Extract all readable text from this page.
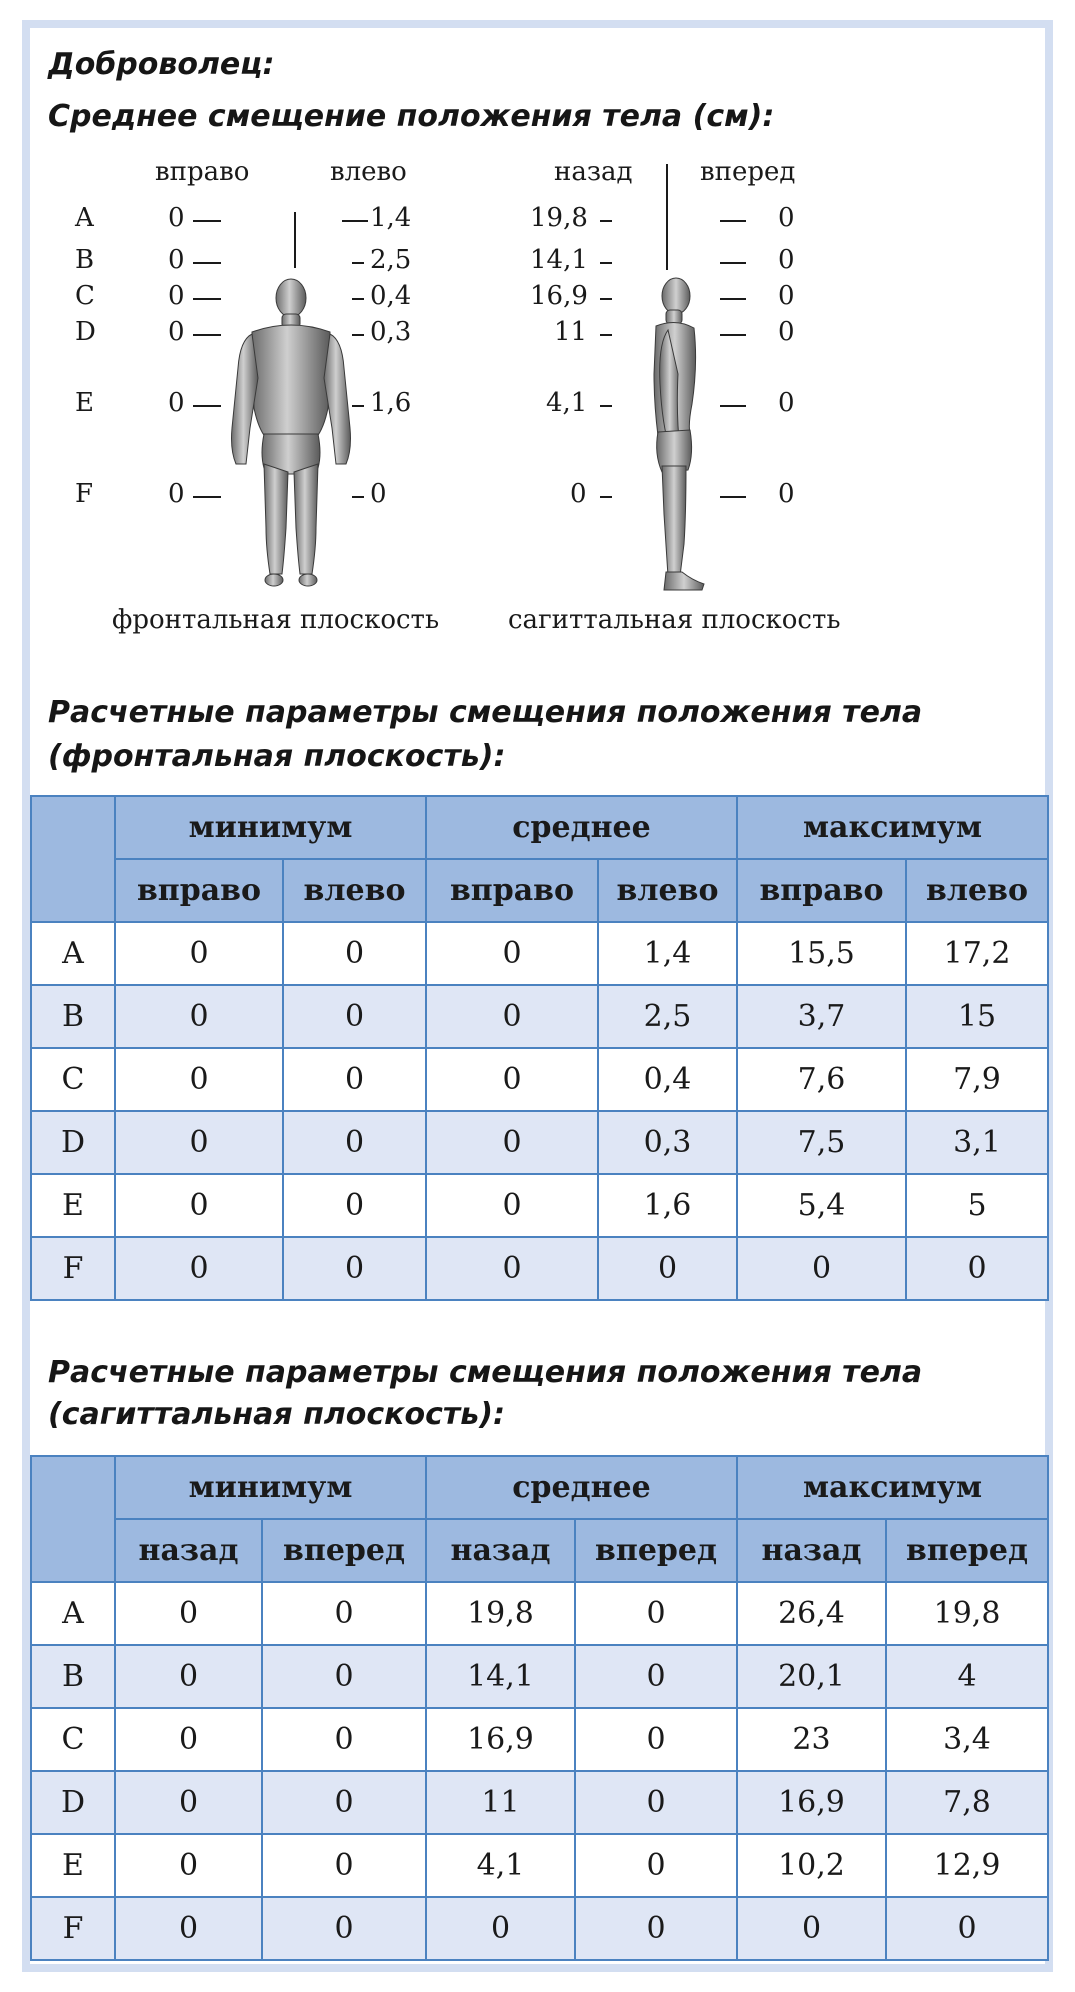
Доброволец:
Среднее смещение положения тела (см):
вправо	влево
A	0	1,4
B	0	2,5
C	0	0,4
D	0	0,3
E	0	1,6
F	0	0
фронтальная плоскость
назад	вперед
19,8	0
14,1	0
16,9	0
11	0
4,1	0
0	0
сагиттальная плоскость
Расчетные параметры смещения положения тела
(фронтальная плоскость):
	минимум		среднее		максимум	
	вправо	влево	вправо	влево	вправо	влево
A	0	0	0	1,4	15,5	17,2
B	0	0	0	2,5	3,7	15
C	0	0	0	0,4	7,6	7,9
D	0	0	0	0,3	7,5	3,1
E	0	0	0	1,6	5,4	5
F	0	0	0	0	0	0
Расчетные параметры смещения положения тела
(сагиттальная плоскость):
	минимум		среднее		максимум	
	назад	вперед	назад	вперед	назад	вперед
A	0	0	19,8	0	26,4	19,8
B	0	0	14,1	0	20,1	4
C	0	0	16,9	0	23	3,4
D	0	0	11	0	16,9	7,8
E	0	0	4,1	0	10,2	12,9
F	0	0	0	0	0	0
